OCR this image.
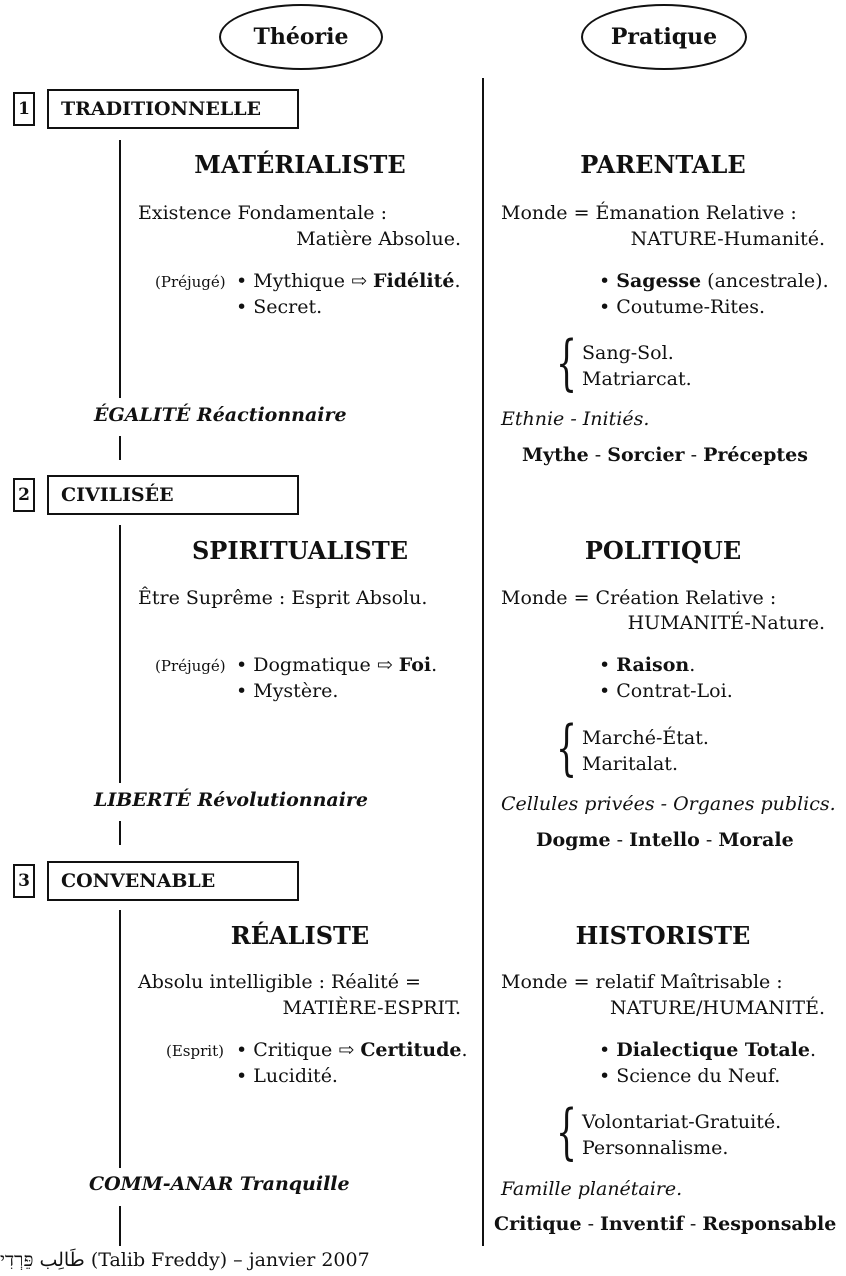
Théorie	Pratique
1 TRADITIONNELLE
MATÉRIALISTE
Existence Fondamentale :
Matière Absolue.
(Préjugé) • Mythique ⇨ Fidélité.
• Secret.
ÉGALITÉ Réactionnaire
PARENTALE
Monde = Émanation Relative :
NATURE-Humanité.
• Sagesse (ancestrale).
• Coutume-Rites.
{ Sang-Sol.
Matriarcat.
Ethnie - Initiés.
Mythe - Sorcier - Préceptes
2 CIVILISÉE
SPIRITUALISTE
Être Suprême : Esprit Absolu.
(Préjugé) • Dogmatique ⇨ Foi.
• Mystère.
LIBERTÉ Révolutionnaire
POLITIQUE
Monde = Création Relative :
HUMANITÉ-Nature.
• Raison.
• Contrat-Loi.
{ Marché-État.
Maritalat.
Cellules privées - Organes publics.
Dogme - Intello - Morale
3 CONVENABLE
RÉALISTE
Absolu intelligible : Réalité =
MATIÈRE-ESPRIT.
(Esprit) • Critique ⇨ Certitude.
• Lucidité.
COMM-ANAR Tranquille
HISTORISTE
Monde = relatif Maîtrisable :
NATURE/HUMANITÉ.
• Dialectique Totale.
• Science du Neuf.
{ Volontariat-Gratuité.
Personnalisme.
Famille planétaire.
Critique - Inventif - Responsable
طَالِب פֵּרְדִי (Talib Freddy) – janvier 2007
